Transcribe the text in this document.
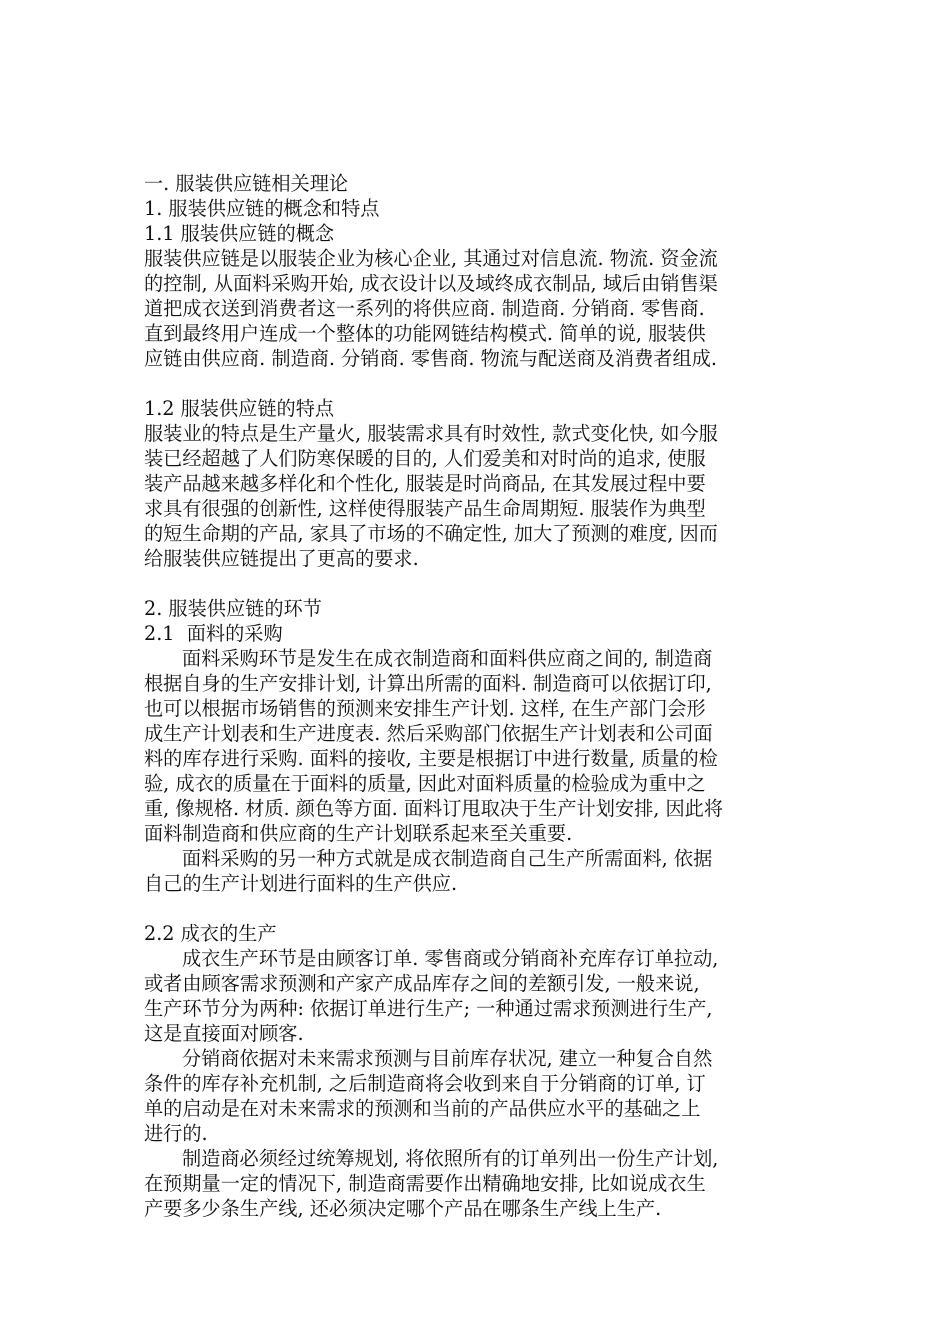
一. 服装供应链相关理论
1. 服装供应链的概念和特点
1.1 服装供应链的概念
服装供应链是以服装企业为核心企业, 其通过对信息流. 物流. 资金流
的控制, 从面料采购开始, 成衣设计以及域终成衣制品, 域后由销售渠
道把成衣送到消费者这一系列的将供应商. 制造商. 分销商. 零售商.
直到最终用户连成一个整体的功能网链结构模式. 简单的说, 服装供
应链由供应商. 制造商. 分销商. 零售商. 物流与配送商及消费者组成.
1.2 服装供应链的特点
服装业的特点是生产量火, 服装需求具有时效性, 款式变化快, 如今服
装已经超越了人们防寒保暖的目的, 人们爱美和对时尚的追求, 使服
装产品越来越多样化和个性化, 服装是时尚商品, 在其发展过程中要
求具有很强的创新性, 这样使得服装产品生命周期短. 服装作为典型
的短生命期的产品, 家具了市场的不确定性, 加大了预测的难度, 因而
给服装供应链提出了更高的要求.
2. 服装供应链的环节
2.1  面料的采购
面料采购环节是发生在成衣制造商和面料供应商之间的, 制造商
根据自身的生产安排计划, 计算出所需的面料. 制造商可以依据订印,
也可以根据市场销售的预测来安排生产计划. 这样, 在生产部门会形
成生产计划表和生产进度表. 然后采购部门依据生产计划表和公司面
料的库存进行采购. 面料的接收, 主要是根据订中进行数量, 质量的检
验, 成衣的质量在于面料的质量, 因此对面料质量的检验成为重中之
重, 像规格. 材质. 颜色等方面. 面料订甩取决于生产计划安排, 因此将
面料制造商和供应商的生产计划联系起来至关重要.
面料采购的另一种方式就是成衣制造商自己生产所需面料, 依据
自己的生产计划进行面料的生产供应.
2.2 成衣的生产
成衣生产环节是由顾客订单. 零售商或分销商补充库存订单拉动,
或者由顾客需求预测和产家产成品库存之间的差额引发, 一般来说,
生产环节分为两种: 依据订单进行生产; 一种通过需求预测进行生产,
这是直接面对顾客.
分销商依据对未来需求预测与目前库存状况, 建立一种复合自然
条件的库存补充机制, 之后制造商将会收到来自于分销商的订单, 订
单的启动是在对未来需求的预测和当前的产品供应水平的基础之上
进行的.
制造商必须经过统筹规划, 将依照所有的订单列出一份生产计划,
在预期量一定的情况下, 制造商需要作出精确地安排, 比如说成衣生
产要多少条生产线, 还必须决定哪个产品在哪条生产线上生产.
